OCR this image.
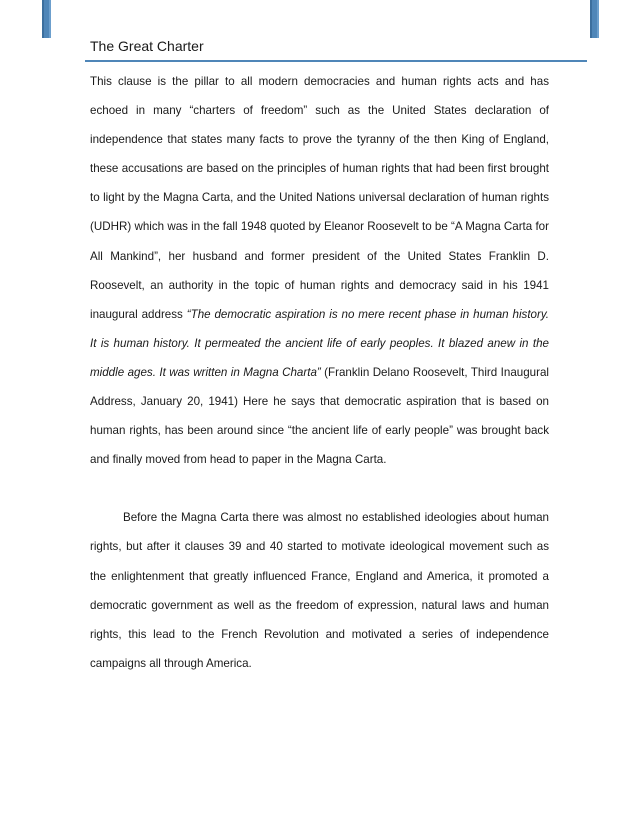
The Great Charter

This clause is the pillar to all modern democracies and human rights acts and has echoed in many “charters of freedom” such as the United States declaration of independence that states many facts to prove the tyranny of the then King of England, these accusations are based on the principles of human rights that had been first brought to light by the Magna Carta, and the United Nations universal declaration of human rights (UDHR) which was in the fall 1948 quoted by Eleanor Roosevelt to be “A Magna Carta for All Mankind”, her husband and former president of the United States Franklin D. Roosevelt, an authority in the topic of human rights and democracy said in his 1941 inaugural address “The democratic aspiration is no mere recent phase in human history. It is human history. It permeated the ancient life of early peoples. It blazed anew in the middle ages. It was written in Magna Charta” (Franklin Delano Roosevelt, Third Inaugural Address, January 20, 1941) Here he says that democratic aspiration that is based on human rights, has been around since “the ancient life of early people” was brought back and finally moved from head to paper in the Magna Carta.

Before the Magna Carta there was almost no established ideologies about human rights, but after it clauses 39 and 40 started to motivate ideological movement such as the enlightenment that greatly influenced France, England and America, it promoted a democratic government as well as the freedom of expression, natural laws and human rights, this lead to the French Revolution and motivated a series of independence campaigns all through America.
